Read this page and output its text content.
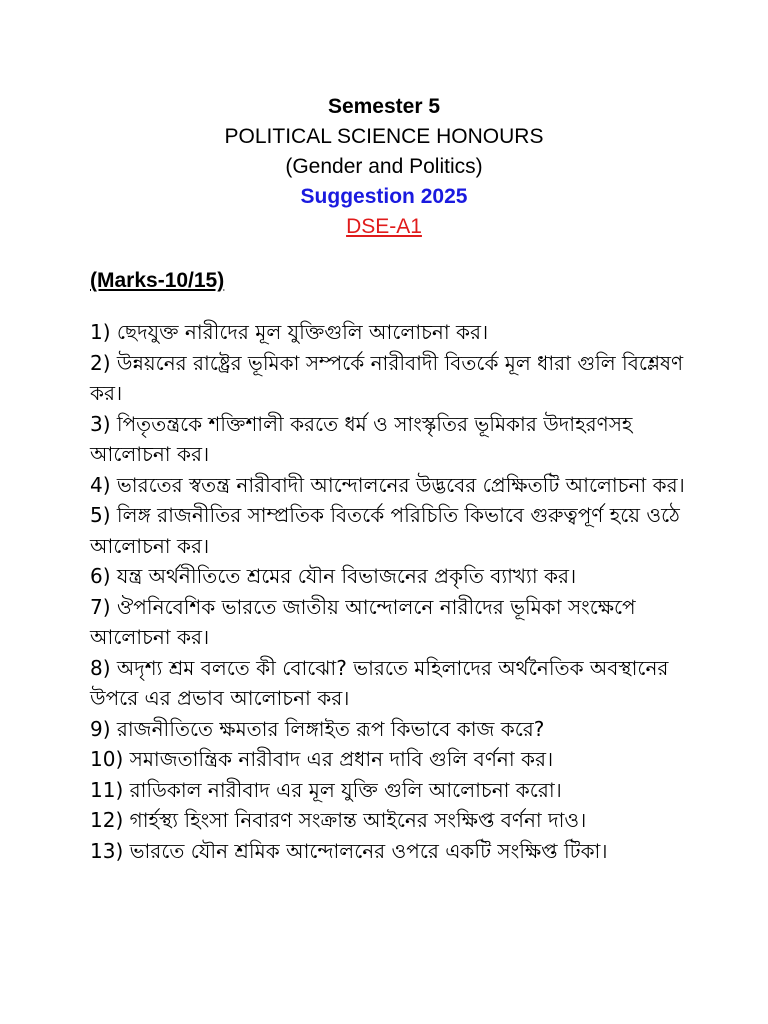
Semester 5
POLITICAL SCIENCE HONOURS
(Gender and Politics)
Suggestion 2025
DSE-A1
(Marks-10/15)
1) ছেদযুক্ত নারীদের মূল যুক্তিগুলি আলোচনা কর।
2) উন্নয়নের রাষ্ট্রের ভূমিকা সম্পর্কে নারীবাদী বিতর্কে মূল ধারা গুলি বিশ্লেষণ কর।
3) পিতৃতন্ত্রকে শক্তিশালী করতে ধর্ম ও সাংস্কৃতির ভূমিকার উদাহরণসহ আলোচনা কর।
4) ভারতের স্বতন্ত্র নারীবাদী আন্দোলনের উদ্ভবের প্রেক্ষিতটি আলোচনা কর।
5) লিঙ্গ রাজনীতির সাম্প্রতিক বিতর্কে পরিচিতি কিভাবে গুরুত্বপূর্ণ হয়ে ওঠে আলোচনা কর।
6) যন্ত্র অর্থনীতিতে শ্রমের যৌন বিভাজনের প্রকৃতি ব্যাখ্যা কর।
7) ঔপনিবেশিক ভারতে জাতীয় আন্দোলনে নারীদের ভূমিকা সংক্ষেপে আলোচনা কর।
8) অদৃশ্য শ্রম বলতে কী বোঝো? ভারতে মহিলাদের অর্থনৈতিক অবস্থানের উপরে এর প্রভাব আলোচনা কর।
9) রাজনীতিতে ক্ষমতার লিঙ্গাইত রূপ কিভাবে কাজ করে?
10) সমাজতান্ত্রিক নারীবাদ এর প্রধান দাবি গুলি বর্ণনা কর।
11) রাডিকাল নারীবাদ এর মূল যুক্তি গুলি আলোচনা করো।
12) গার্হস্থ্য হিংসা নিবারণ সংক্রান্ত আইনের সংক্ষিপ্ত বর্ণনা দাও।
13) ভারতে যৌন শ্রমিক আন্দোলনের ওপরে একটি সংক্ষিপ্ত টিকা।
